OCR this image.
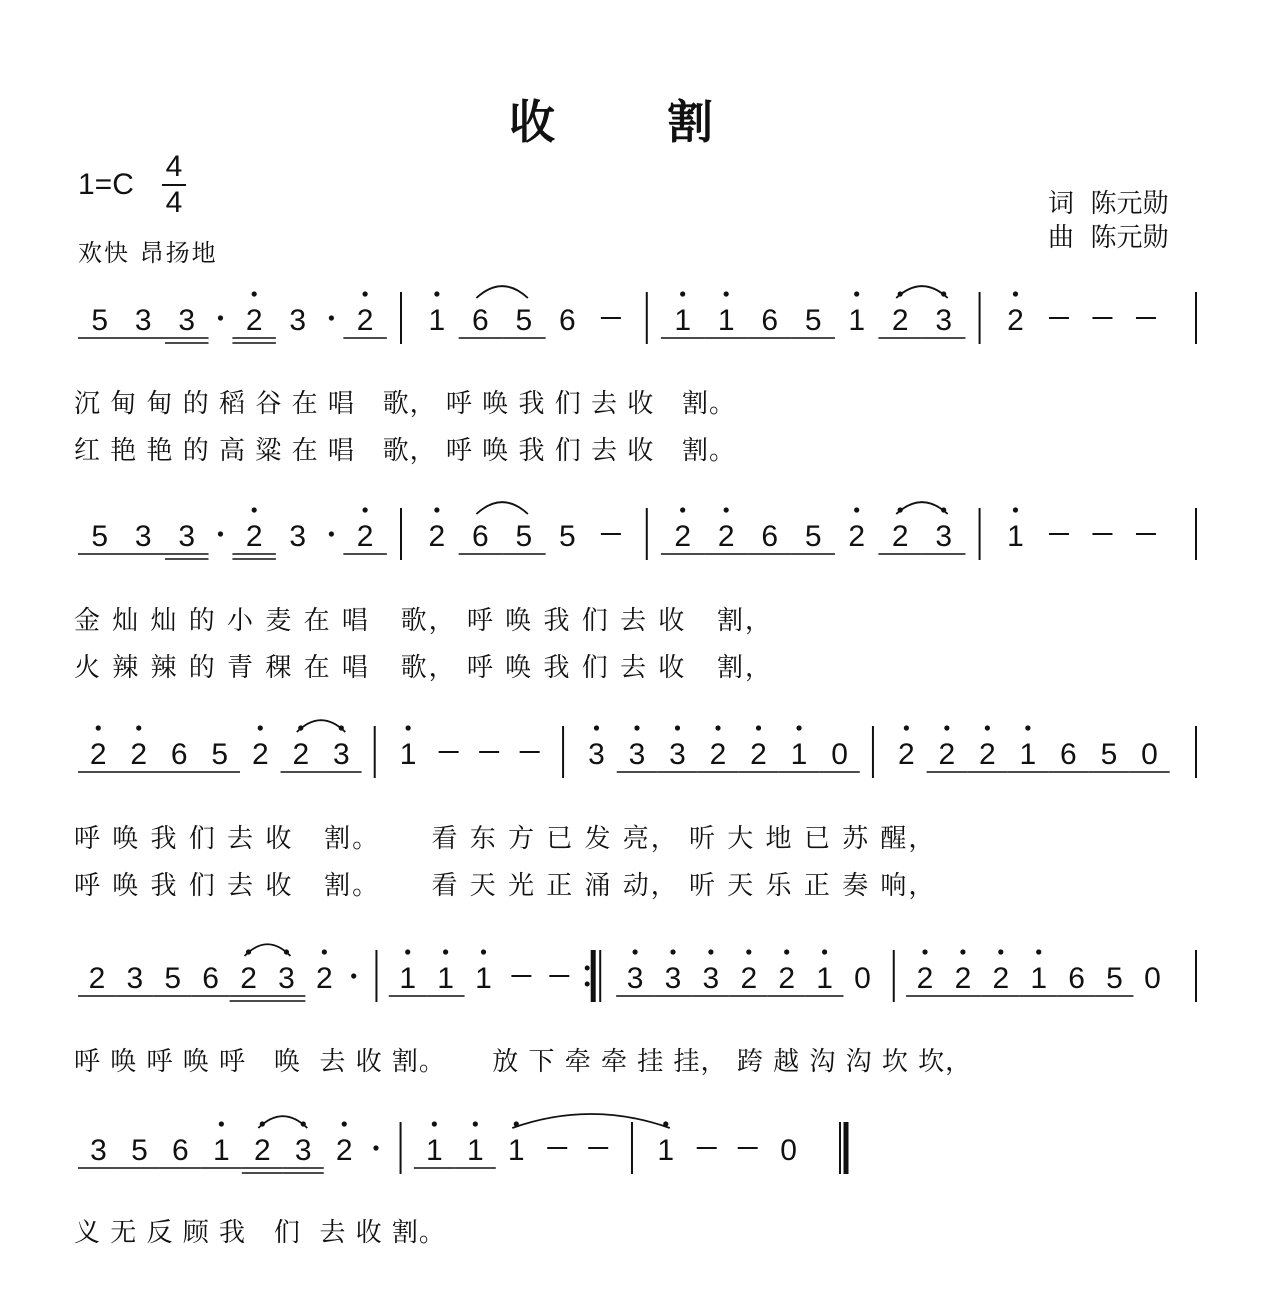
收 割
1=C
4
4
欢快 昂扬地
词  陈元勋
曲  陈元勋
沉 甸 甸 的 稻 谷 在 唱   歌， 呼 唤 我 们 去 收   割。
红 艳 艳 的 高 粱 在 唱   歌， 呼 唤 我 们 去 收   割。
金 灿 灿 的 小 麦 在 唱   歌， 呼 唤 我 们 去 收   割，
火 辣 辣 的 青 稞 在 唱   歌， 呼 唤 我 们 去 收   割，
呼 唤 我 们 去 收   割。     看 东 方 已 发 亮， 听 大 地 已 苏 醒，
呼 唤 我 们 去 收   割。     看 天 光 正 涌 动， 听 天 乐 正 奏 响，
呼 唤 呼 唤 呼   唤  去 收 割。     放 下 牵 牵 挂 挂， 跨 越 沟 沟 坎 坎，
义 无 反 顾 我   们  去 收 割。
5 3 3 2 3 2 1 6 5 6	1 1 6 5 1 2 3 2
5 3 3 2 3 2 2 6 5 5	2 2 6 5 2 2 3 1
2 2 6 5 2 2 3 1	3 3 3 2 2 1 0 2 2 2 1 6 5 0
2 3 5 6 2 3 2 1 1 1	3 3 3 2 2 1 0 2 2 2 1 6 5 0
3 5 6 1 2 3 2 1 1 1	1	0
